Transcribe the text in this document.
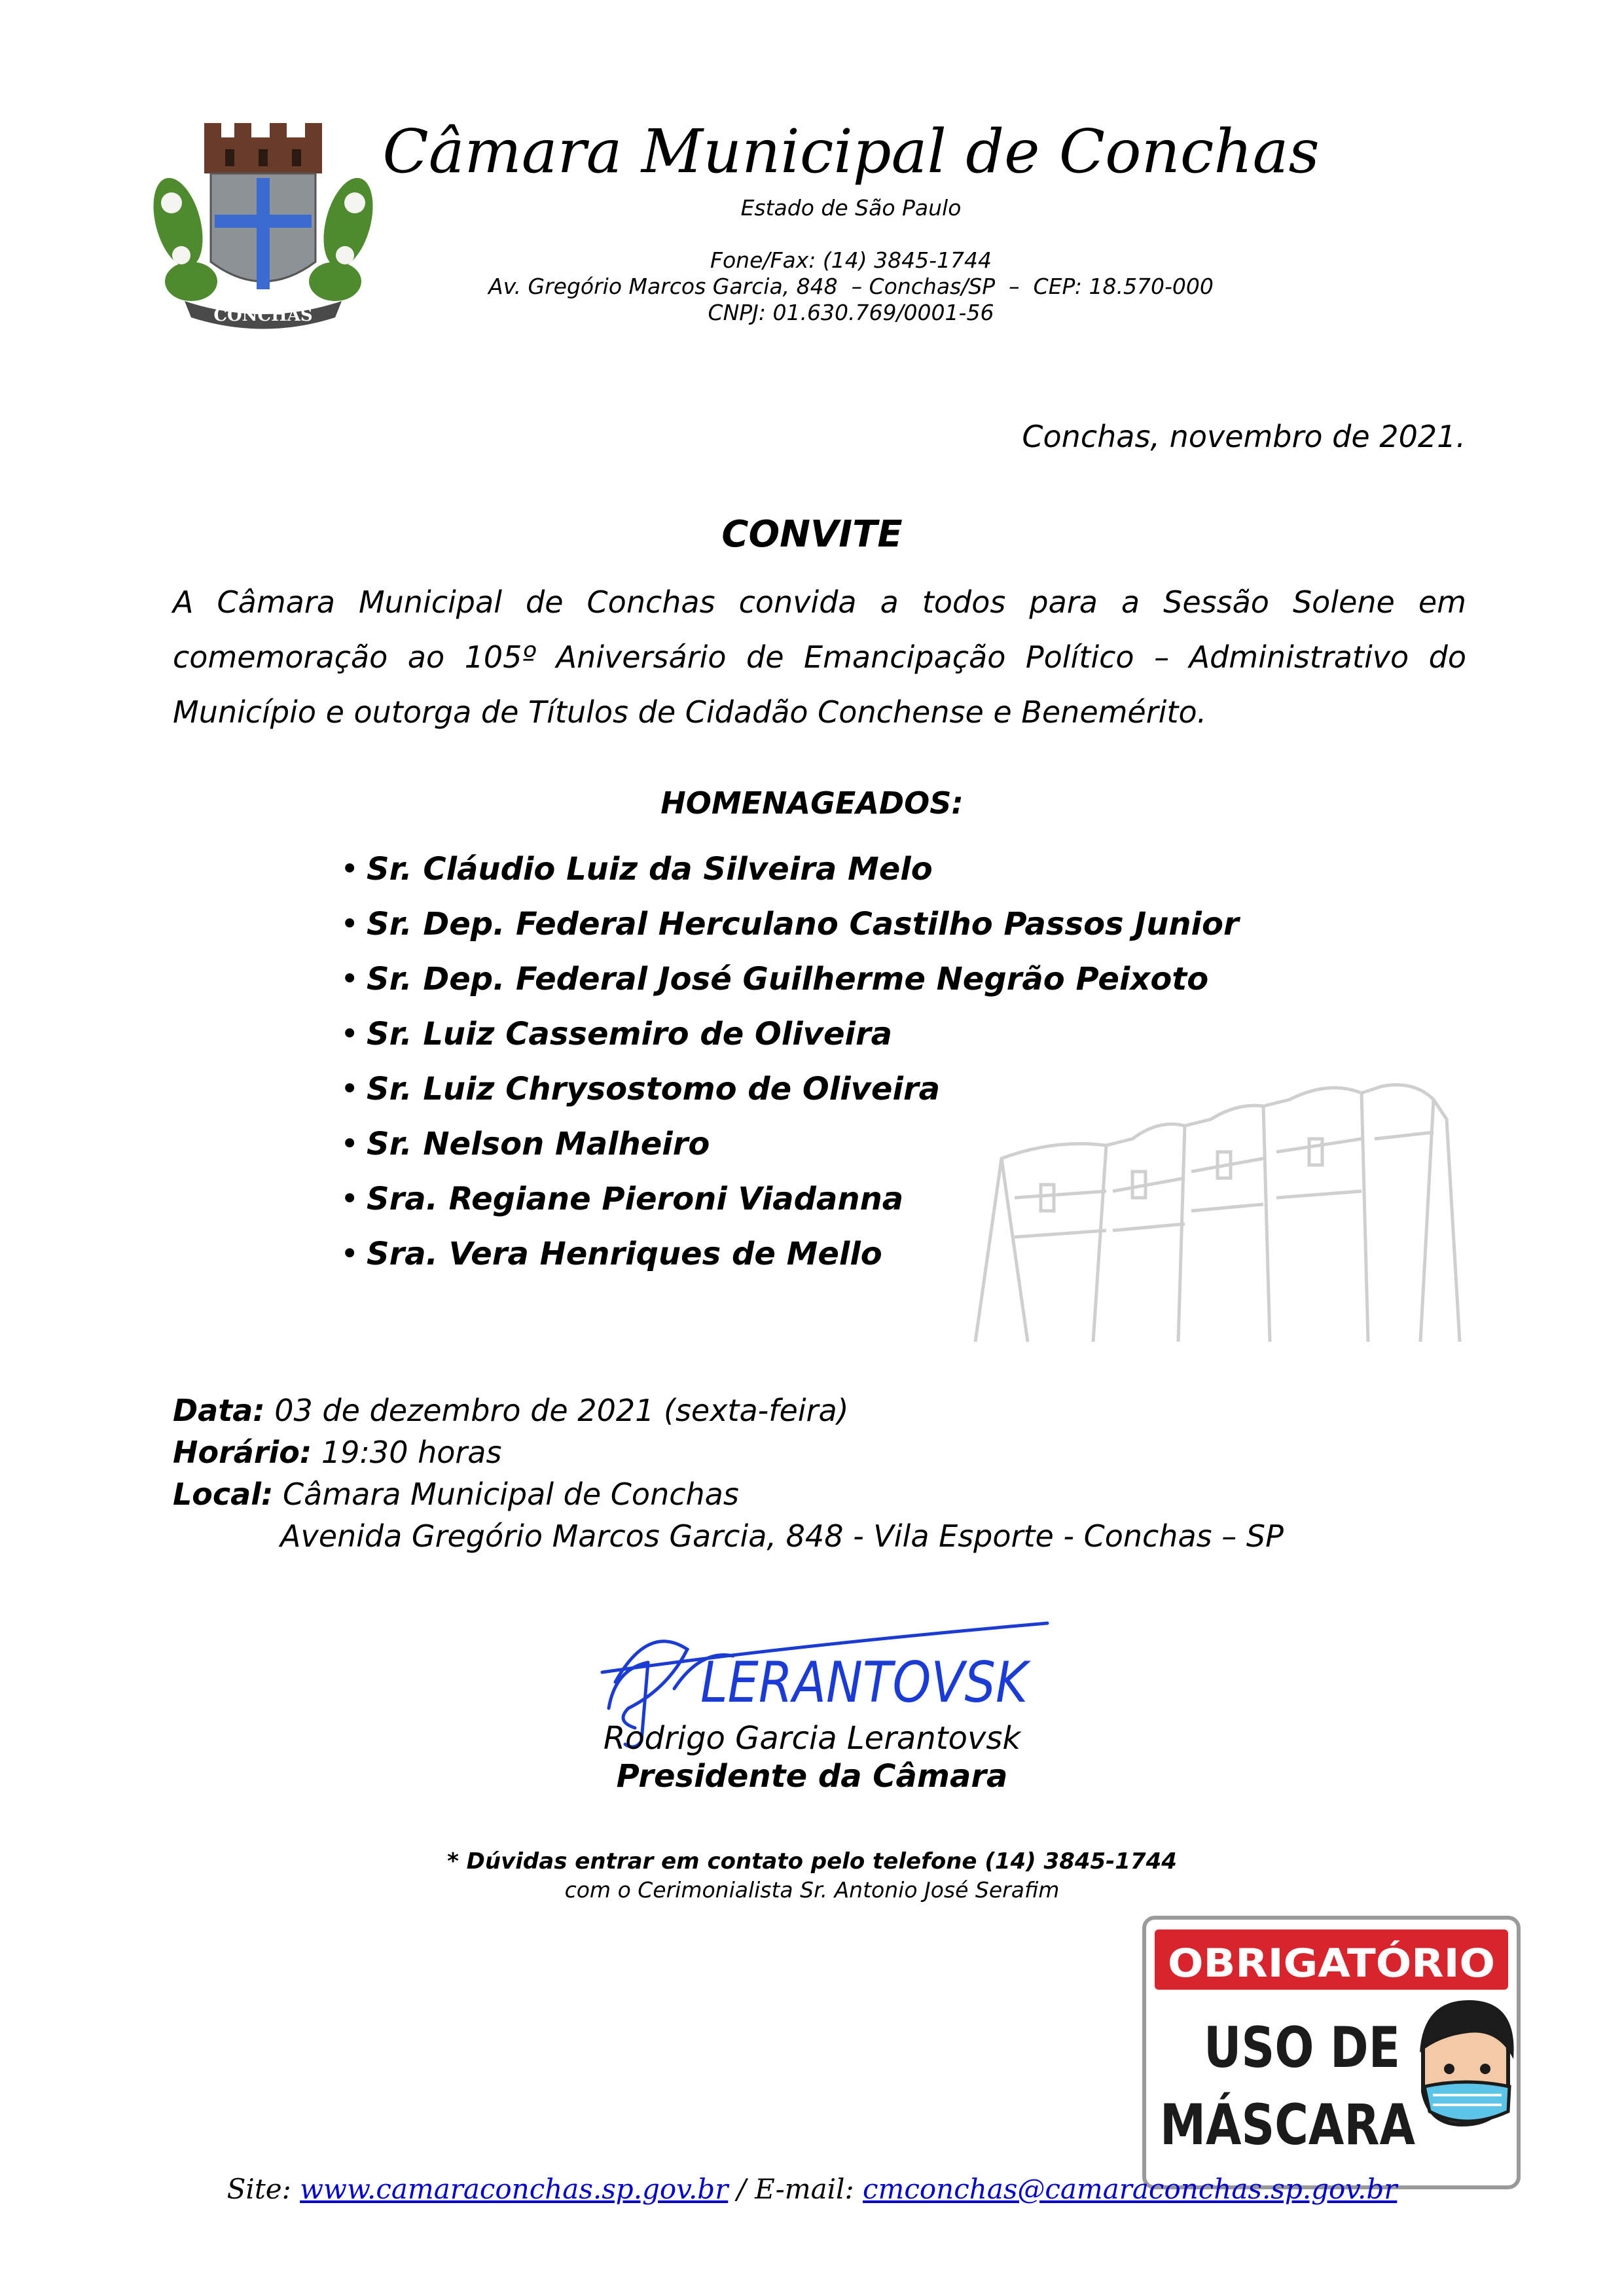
CONCHAS
Câmara Municipal de Conchas
Estado de São Paulo
Fone/Fax: (14) 3845-1744
Av. Gregório Marcos Garcia, 848  – Conchas/SP  –  CEP: 18.570-000
CNPJ: 01.630.769/0001-56
Conchas, novembro de 2021.
CONVITE
A Câmara Municipal de Conchas convida a todos para a Sessão Solene em comemoração ao 105º Aniversário de Emancipação Político – Administrativo do Município e outorga de Títulos de Cidadão Conchense e Benemérito.
HOMENAGEADOS:
• Sr. Cláudio Luiz da Silveira Melo
• Sr. Dep. Federal Herculano Castilho Passos Junior
• Sr. Dep. Federal José Guilherme Negrão Peixoto
• Sr. Luiz Cassemiro de Oliveira
• Sr. Luiz Chrysostomo de Oliveira
• Sr. Nelson Malheiro
• Sra. Regiane Pieroni Viadanna
• Sra. Vera Henriques de Mello
Data: 03 de dezembro de 2021 (sexta-feira)
Horário: 19:30 horas
Local: Câmara Municipal de Conchas
Avenida Gregório Marcos Garcia, 848 - Vila Esporte - Conchas – SP
LERANTOVSK
Rodrigo Garcia Lerantovsk
Presidente da Câmara
* Dúvidas entrar em contato pelo telefone (14) 3845-1744
com o Cerimonialista Sr. Antonio José Serafim
OBRIGATÓRIO
USO DE
MÁSCARA
Site: www.camaraconchas.sp.gov.br / E-mail: cmconchas@camaraconchas.sp.gov.br
